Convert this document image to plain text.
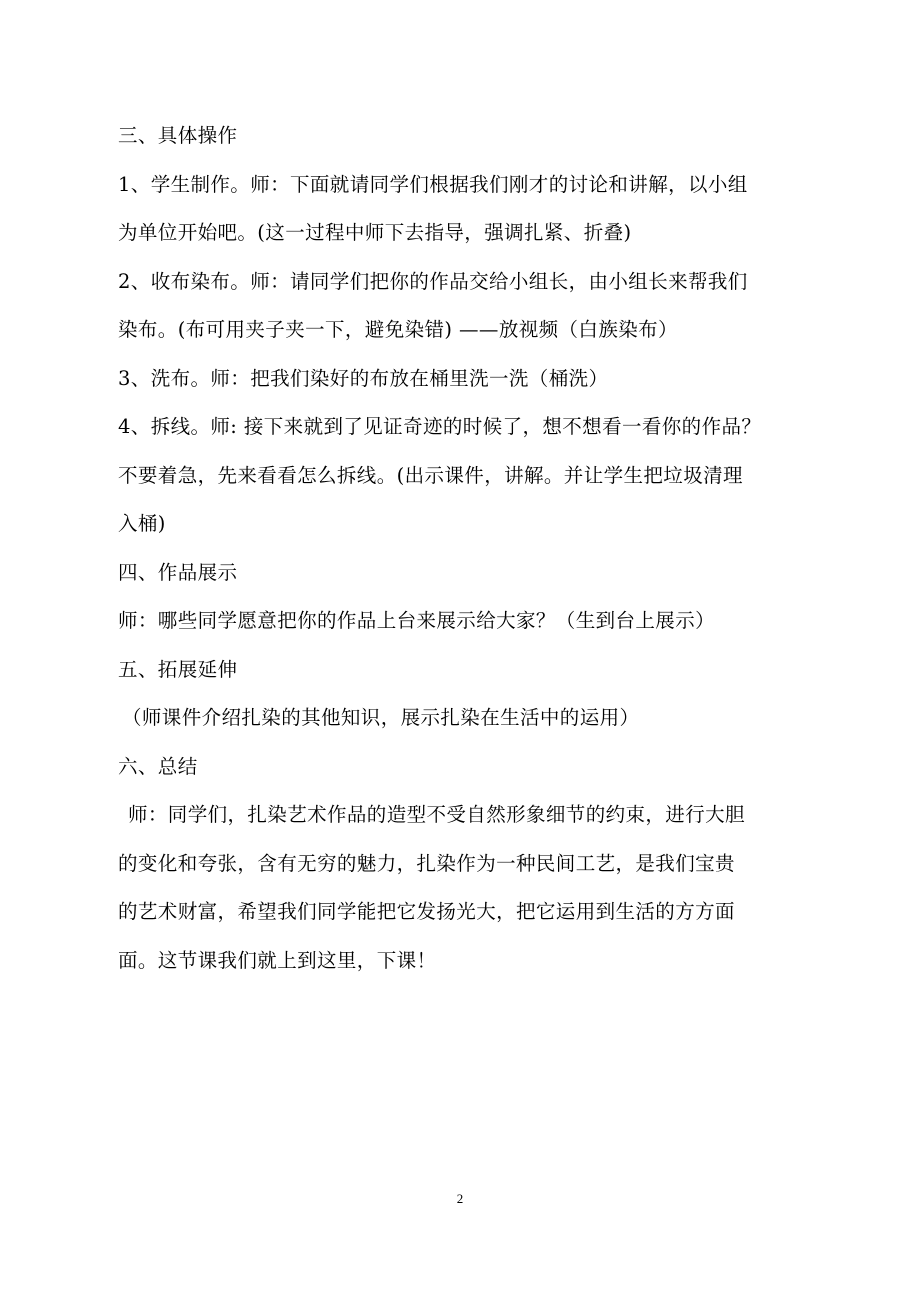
三、具体操作
1、学生制作。师：下面就请同学们根据我们刚才的讨论和讲解，以小组
为单位开始吧。(这一过程中师下去指导，强调扎紧、折叠)
2、收布染布。师：请同学们把你的作品交给小组长，由小组长来帮我们
染布。(布可用夹子夹一下，避免染错) ——放视频（白族染布）
3、洗布。师：把我们染好的布放在桶里洗一洗（桶洗）
4、拆线。师: 接下来就到了见证奇迹的时候了，想不想看一看你的作品？
不要着急，先来看看怎么拆线。(出示课件，讲解。并让学生把垃圾清理
入桶)
四、作品展示
师：哪些同学愿意把你的作品上台来展示给大家？（生到台上展示）
五、拓展延伸
（师课件介绍扎染的其他知识，展示扎染在生活中的运用）
六、总结
师：同学们，扎染艺术作品的造型不受自然形象细节的约束，进行大胆
的变化和夸张，含有无穷的魅力，扎染作为一种民间工艺，是我们宝贵
的艺术财富，希望我们同学能把它发扬光大，把它运用到生活的方方面
面。这节课我们就上到这里，下课！
2
